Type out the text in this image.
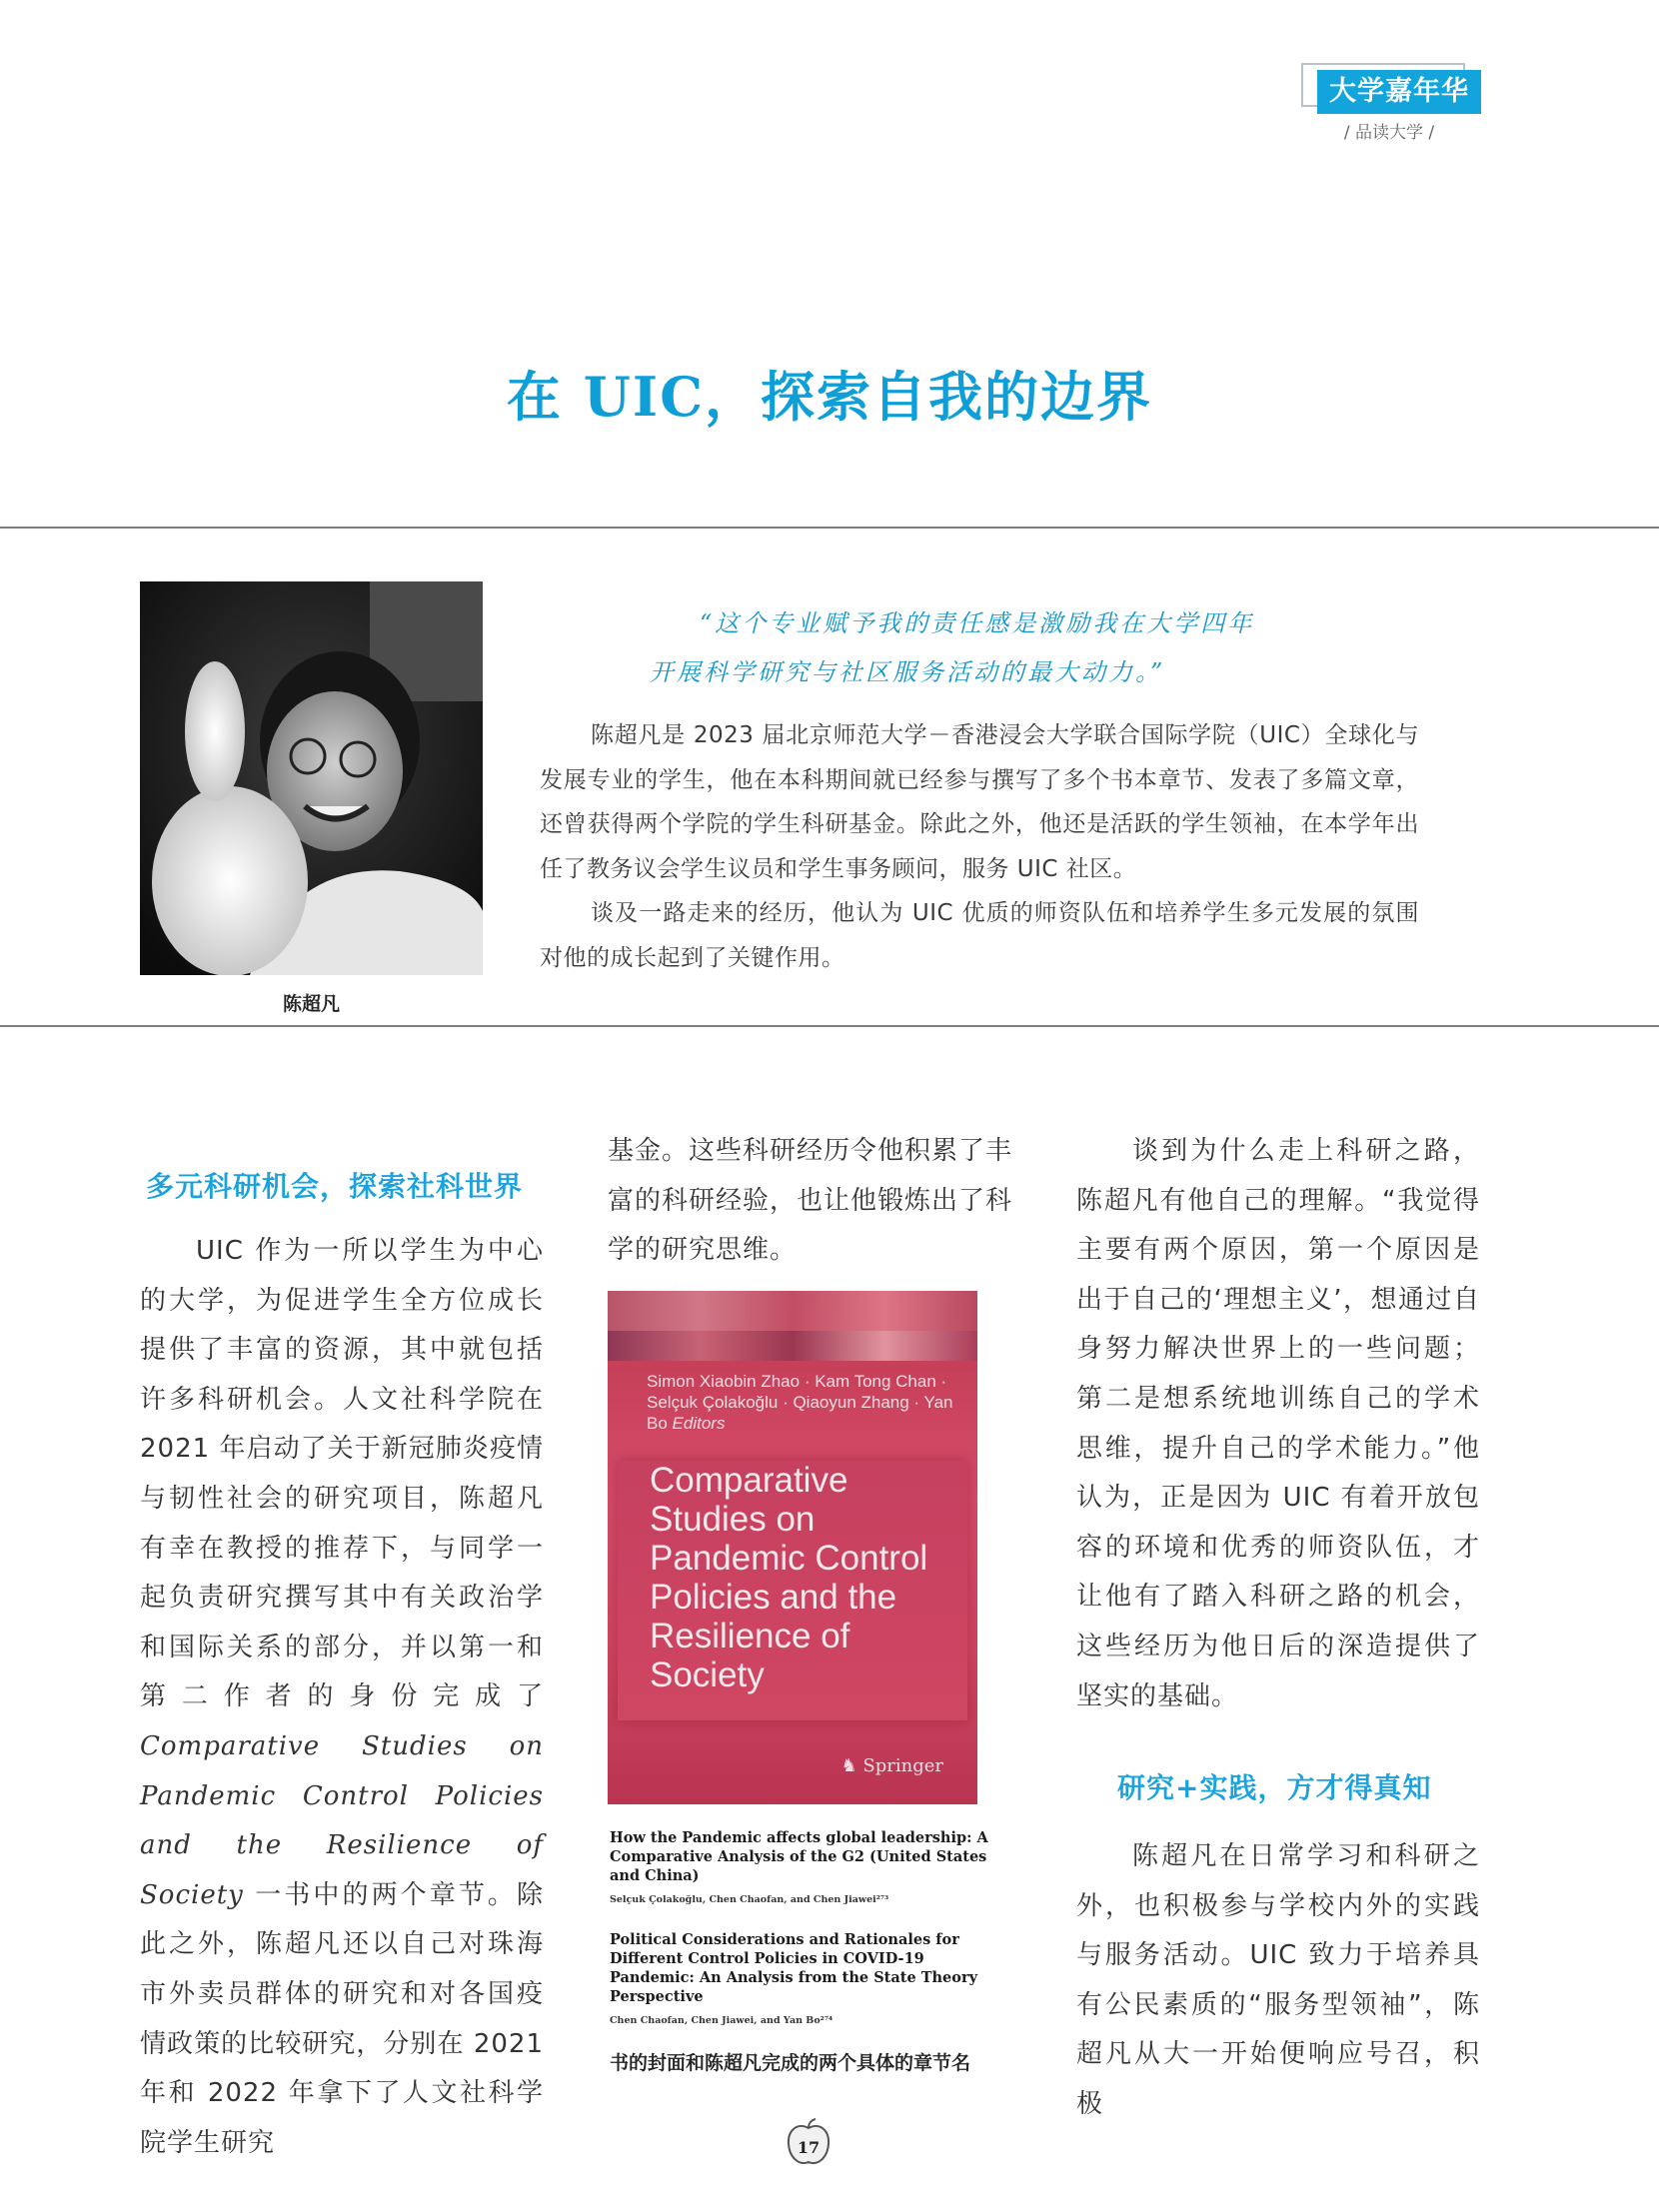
大学嘉年华
/ 品读大学 /
在 UIC，探索自我的边界
陈超凡
“这个专业赋予我的责任感是激励我在大学四年
开展科学研究与社区服务活动的最大动力。”

陈超凡是 2023 届北京师范大学－香港浸会大学联合国际学院（UIC）全球化与发展专业的学生，他在本科期间就已经参与撰写了多个书本章节、发表了多篇文章，还曾获得两个学院的学生科研基金。除此之外，他还是活跃的学生领袖，在本学年出任了教务议会学生议员和学生事务顾问，服务 UIC 社区。

谈及一路走来的经历，他认为 UIC 优质的师资队伍和培养学生多元发展的氛围对他的成长起到了关键作用。

多元科研机会，探索社科世界

UIC 作为一所以学生为中心的大学，为促进学生全方位成长提供了丰富的资源，其中就包括许多科研机会。人文社科学院在 2021 年启动了关于新冠肺炎疫情与韧性社会的研究项目，陈超凡有幸在教授的推荐下，与同学一起负责研究撰写其中有关政治学和国际关系的部分，并以第一和第二作者的身份完成了 Comparative Studies on Pandemic Control Policies and the Resilience of Society 一书中的两个章节。除此之外，陈超凡还以自己对珠海市外卖员群体的研究和对各国疫情政策的比较研究，分别在 2021 年和 2022 年拿下了人文社科学院学生研究

基金。这些科研经历令他积累了丰富的科研经验，也让他锻炼出了科学的研究思维。

Simon Xiaobin Zhao · Kam Tong Chan · Selçuk Çolakoğlu · Qiaoyun Zhang · Yan Bo Editors
Comparative Studies on Pandemic Control Policies and the Resilience of Society
♞ Springer

How the Pandemic affects global leadership: A Comparative Analysis of the G2 (United States and China)

Selçuk Çolakoğlu, Chen Chaofan, and Chen Jiawei²⁷³

Political Considerations and Rationales for Different Control Policies in COVID-19 Pandemic: An Analysis from the State Theory Perspective

Chen Chaofan, Chen Jiawei, and Yan Bo²⁷⁴

书的封面和陈超凡完成的两个具体的章节名

谈到为什么走上科研之路，陈超凡有他自己的理解。“我觉得主要有两个原因，第一个原因是出于自己的‘理想主义’，想通过自身努力解决世界上的一些问题；第二是想系统地训练自己的学术思维，提升自己的学术能力。”他认为，正是因为 UIC 有着开放包容的环境和优秀的师资队伍，才让他有了踏入科研之路的机会，这些经历为他日后的深造提供了坚实的基础。

研究+实践，方才得真知

陈超凡在日常学习和科研之外，也积极参与学校内外的实践与服务活动。UIC 致力于培养具有公民素质的“服务型领袖”，陈超凡从大一开始便响应号召，积极

17
